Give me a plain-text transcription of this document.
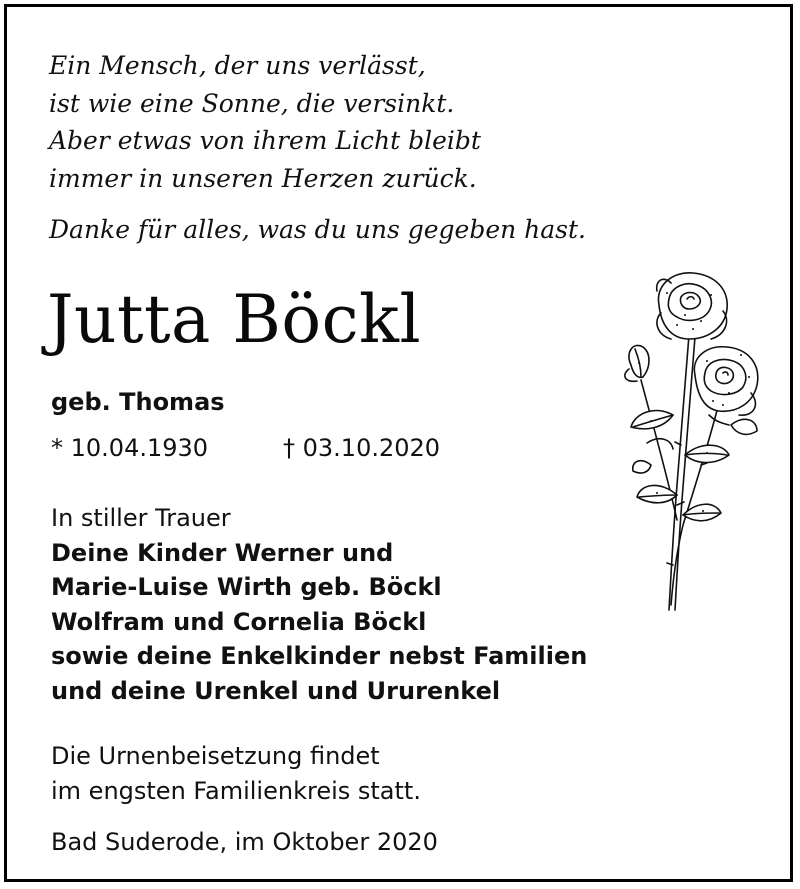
Ein Mensch, der uns verlässt,
ist wie eine Sonne, die versinkt.
Aber etwas von ihrem Licht bleibt
immer in unseren Herzen zurück.
Danke für alles, was du uns gegeben hast.
Jutta Böckl
geb. Thomas
* 10.04.1930	† 03.10.2020
In stiller Trauer
Deine Kinder Werner und
Marie-Luise Wirth geb. Böckl
Wolfram und Cornelia Böckl
sowie deine Enkelkinder nebst Familien
und deine Urenkel und Ururenkel
Die Urnenbeisetzung findet
im engsten Familienkreis statt.
Bad Suderode, im Oktober 2020
